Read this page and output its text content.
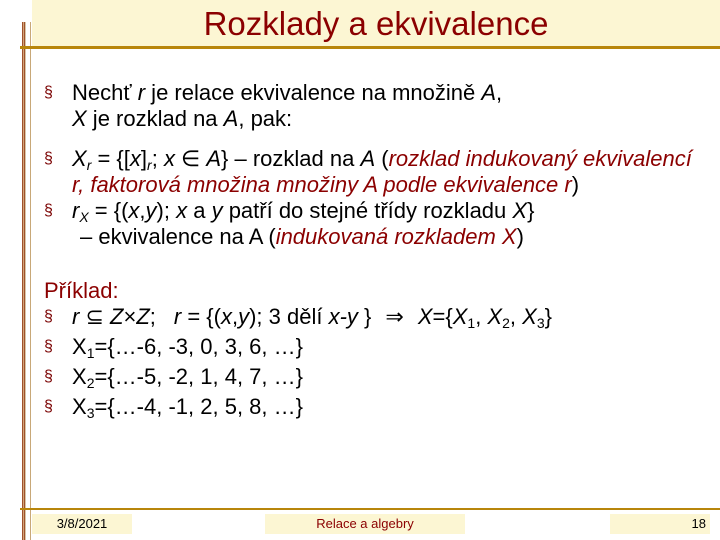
Rozklady a ekvivalence
§ Nechť r je relace ekvivalence na množině A,
X je rozklad na A, pak:
§ $X_r = \{[x]_r$; x ∈ A} – rozklad na A (rozklad indukovaný ekvivalencí r, faktorová množina množiny A podle ekvivalence r)
§ $r_X = \{(x,y)$; x a y patří do stejné třídy rozkladu X}
– ekvivalence na A (indukovaná rozkladem X)
Příklad:
§ r ⊆ Z×Z; r = {(x,y); 3 dělí x-y } ⇒ $X=\{X_1$, $X_2$, $X_3$}
§ $X_1=\{\dots-6$, -3, 0, 3, 6, …}
§ $X_2=\{\dots-5$, -2, 1, 4, 7, …}
§ $X_3=\{\dots-4$, -1, 2, 5, 8, …}
3/8/2021	Relace a algebry	18
